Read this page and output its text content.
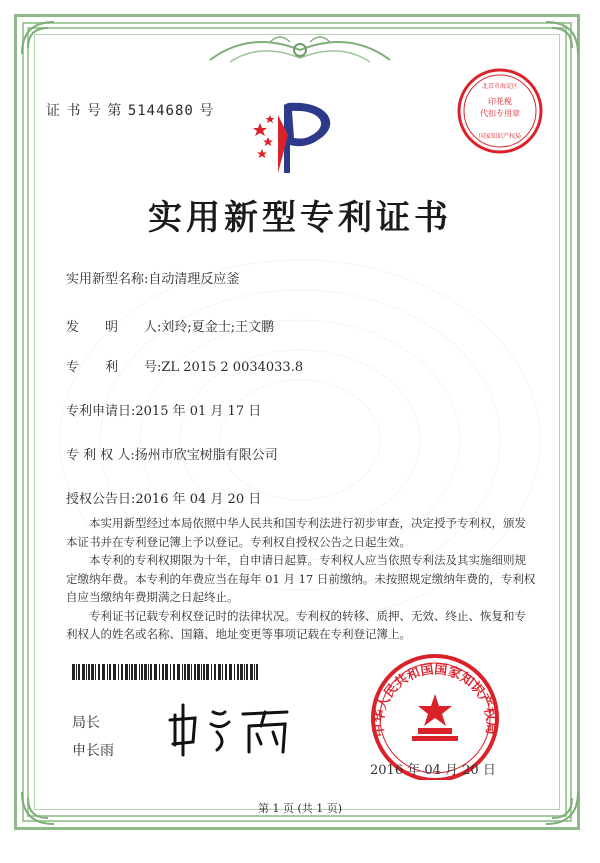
证 书 号 第 5144680 号
印花税
代扣专用章
北京市海淀区
国家知识产权局
实用新型专利证书
实用新型名称:自动清理反应釜
发　　明　　人:刘玲;夏金士;王文鹏
专　　利　　号:ZL 2015 2 0034033.8
专利申请日:2015 年 01 月 17 日
专 利 权 人:扬州市欣宝树脂有限公司
授权公告日:2016 年 04 月 20 日

本实用新型经过本局依照中华人民共和国专利法进行初步审查，决定授予专利权，颁发本证书并在专利登记簿上予以登记。专利权自授权公告之日起生效。

本专利的专利权期限为十年，自申请日起算。专利权人应当依照专利法及其实施细则规定缴纳年费。本专利的年费应当在每年 01 月 17 日前缴纳。未按照规定缴纳年费的，专利权自应当缴纳年费期满之日起终止。

专利证书记载专利权登记时的法律状况。专利权的转移、质押、无效、终止、恢复和专利权人的姓名或名称、国籍、地址变更等事项记载在专利登记簿上。

局长
申长雨
中华人民共和国国家知识产权局
2016 年 04 月 20 日
第 1 页 (共 1 页)
